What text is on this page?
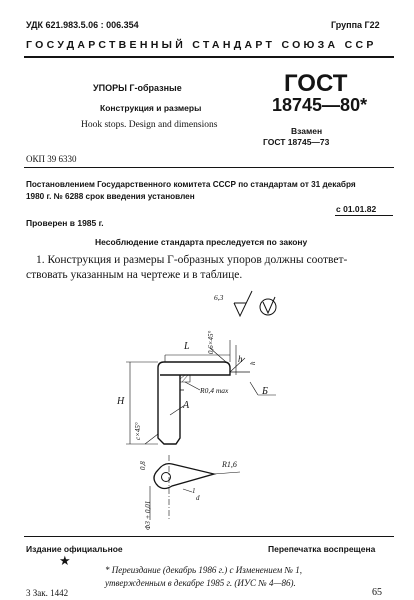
УДК 621.983.5.06 : 006.354	Группа Г22
ГОСУДАРСТВЕННЫЙ СТАНДАРТ СОЮЗА ССР
УПОРЫ Г-образные
Конструкция и размеры
Hook stops. Design and dimensions
ГОСТ
18745—80*
Взамен
ГОСТ 18745—73
ОКП 39 6330
Постановлением Государственного комитета СССР по стандартам от 31 декабря
1980 г. № 6288 срок введения установлен
с 01.01.82
Проверен в 1985 г.
Несоблюдение стандарта преследуется по закону
1. Конструкция и размеры Г-образных упоров должны соответ-
ствовать указанным на чертеже и в таблице.
L
H
h
A
Б
R0,4 max
6,3
0,6×45°
h
c×45°
0,8
Φ3 + 0,01
R1,6
1
d
Издание официальное	Перепечатка воспрещена
★
* Переиздание (декабрь 1986 г.) с Изменением № 1,
утвержденным в декабре 1985 г. (ИУС № 4—86).
3 Зак. 1442	65
